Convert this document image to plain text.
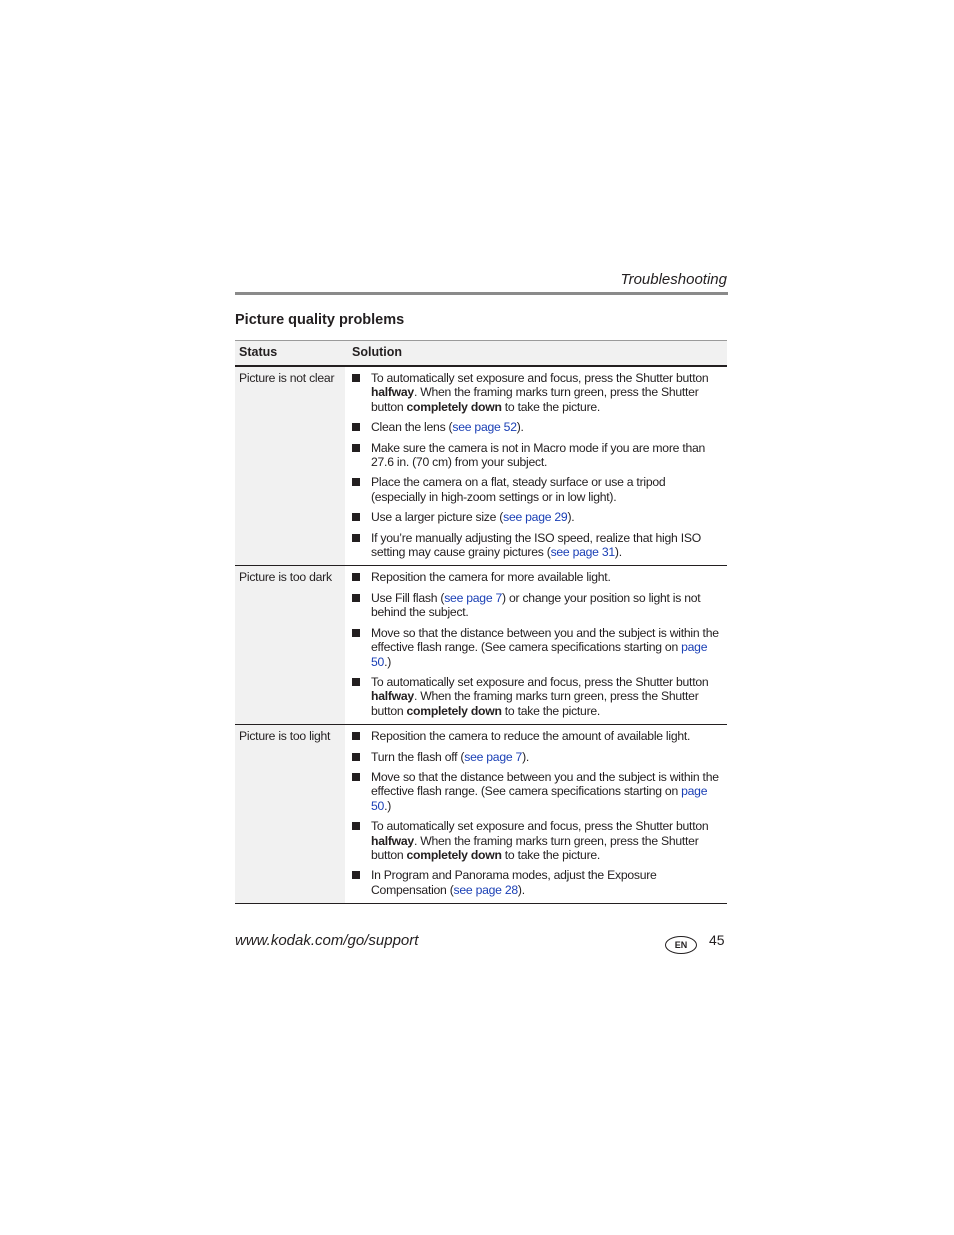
Troubleshooting
Picture quality problems
Status	Solution
Picture is not clear	To automatically set exposure and focus, press the Shutter button halfway. When the framing marks turn green, press the Shutter button completely down to take the picture.
Clean the lens (see page 52).
Make sure the camera is not in Macro mode if you are more than 27.6 in. (70 cm) from your subject.
Place the camera on a flat, steady surface or use a tripod (especially in high-zoom settings or in low light).
Use a larger picture size (see page 29).
If you’re manually adjusting the ISO speed, realize that high ISO setting may cause grainy pictures (see page 31).
Picture is too dark	Reposition the camera for more available light.
Use Fill flash (see page 7) or change your position so light is not behind the subject.
Move so that the distance between you and the subject is within the effective flash range. (See camera specifications starting on page 50.)
To automatically set exposure and focus, press the Shutter button halfway. When the framing marks turn green, press the Shutter button completely down to take the picture.
Picture is too light	Reposition the camera to reduce the amount of available light.
Turn the flash off (see page 7).
Move so that the distance between you and the subject is within the effective flash range. (See camera specifications starting on page 50.)
To automatically set exposure and focus, press the Shutter button halfway. When the framing marks turn green, press the Shutter button completely down to take the picture.
In Program and Panorama modes, adjust the Exposure Compensation (see page 28).
www.kodak.com/go/support	EN	45
